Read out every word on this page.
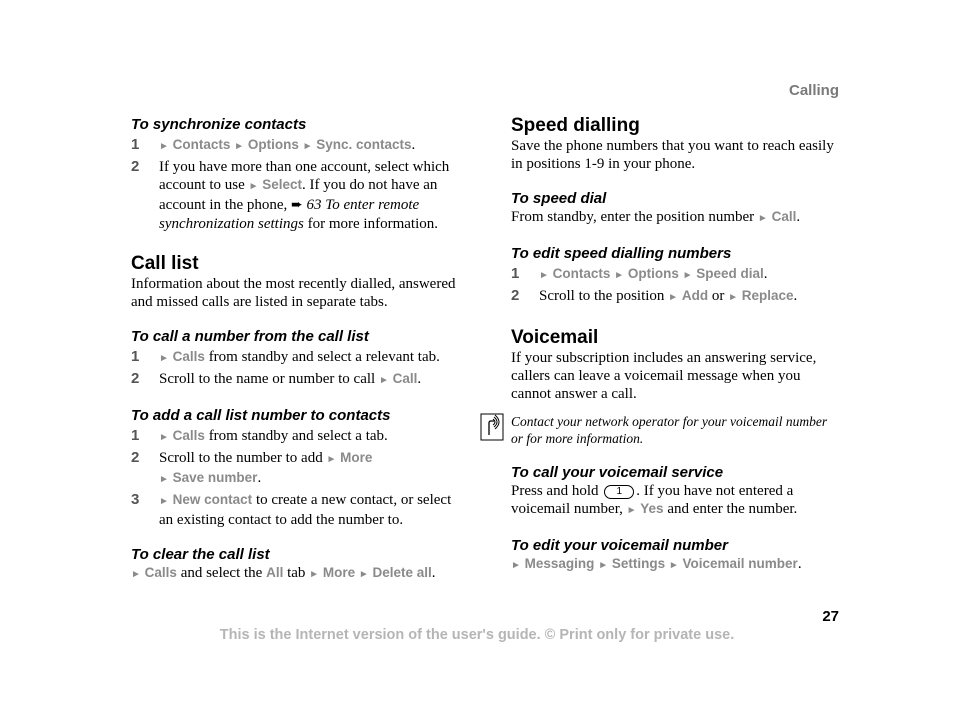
Calling
To synchronize contacts
1 ► Contacts ► Options ► Sync. contacts.
2 If you have more than one account, select which account to use ► Select. If you do not have an account in the phone, ➨ 63 To enter remote synchronization settings for more information.
Call list

Information about the most recently dialled, answered and missed calls are listed in separate tabs.

To call a number from the call list
1 ► Calls from standby and select a relevant tab.
2 Scroll to the name or number to call ► Call.
To add a call list number to contacts
1 ► Calls from standby and select a tab.
2 Scroll to the number to add ► More
► Save number.
3 ► New contact to create a new contact, or select an existing contact to add the number to.
To clear the call list

► Calls and select the All tab ► More ► Delete all.

Speed dialling

Save the phone numbers that you want to reach easily in positions 1-9 in your phone.

To speed dial

From standby, enter the position number ► Call.

To edit speed dialling numbers
1 ► Contacts ► Options ► Speed dial.
2 Scroll to the position ► Add or ► Replace.
Voicemail

If your subscription includes an answering service, callers can leave a voicemail message when you cannot answer a call.

Contact your network operator for your voicemail number or for more information.

To call your voicemail service

Press and hold 1 . If you have not entered a voicemail number, ► Yes and enter the number.

To edit your voicemail number

► Messaging ► Settings ► Voicemail number.

27
This is the Internet version of the user's guide. © Print only for private use.
